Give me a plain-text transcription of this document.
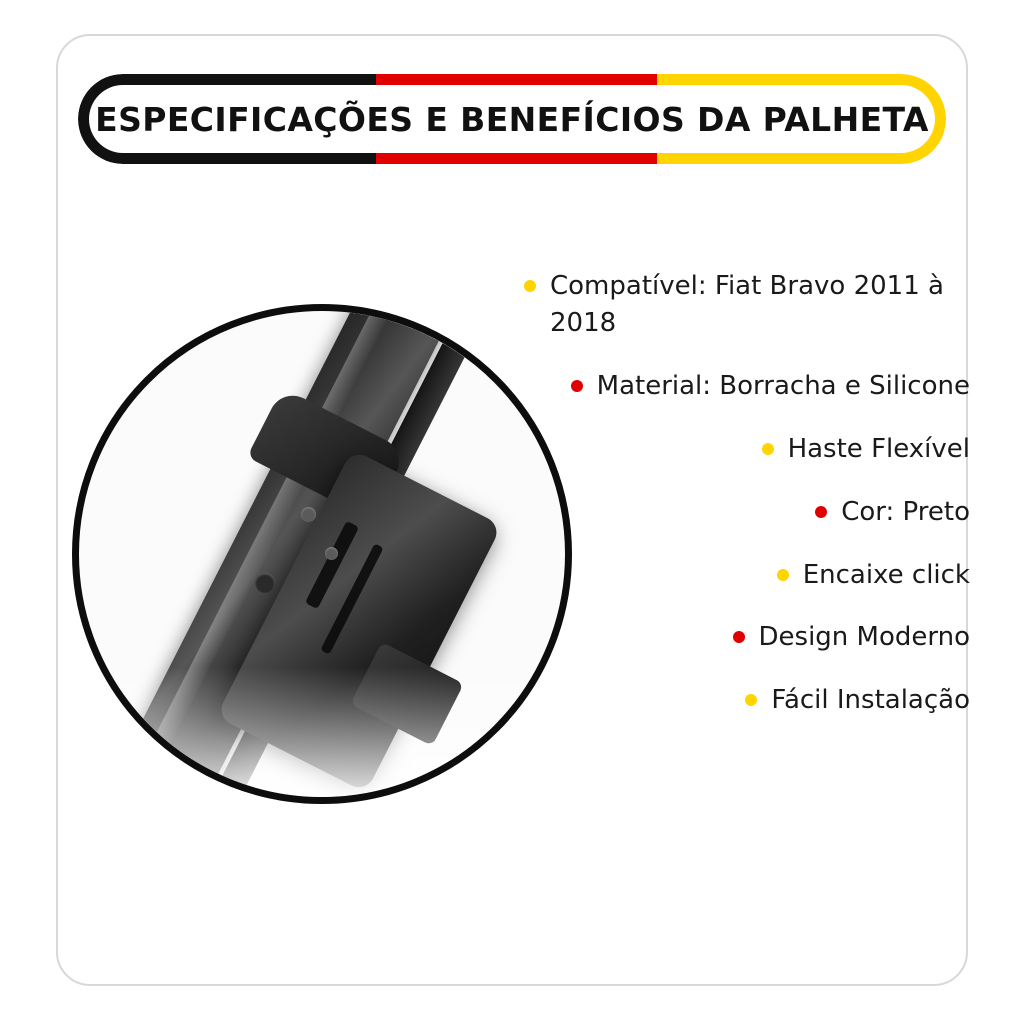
ESPECIFICAÇÕES E BENEFÍCIOS DA PALHETA
Compatível: Fiat Bravo 2011 à 2018
Material: Borracha e Silicone
Haste Flexível
Cor: Preto
Encaixe click
Design Moderno
Fácil Instalação
